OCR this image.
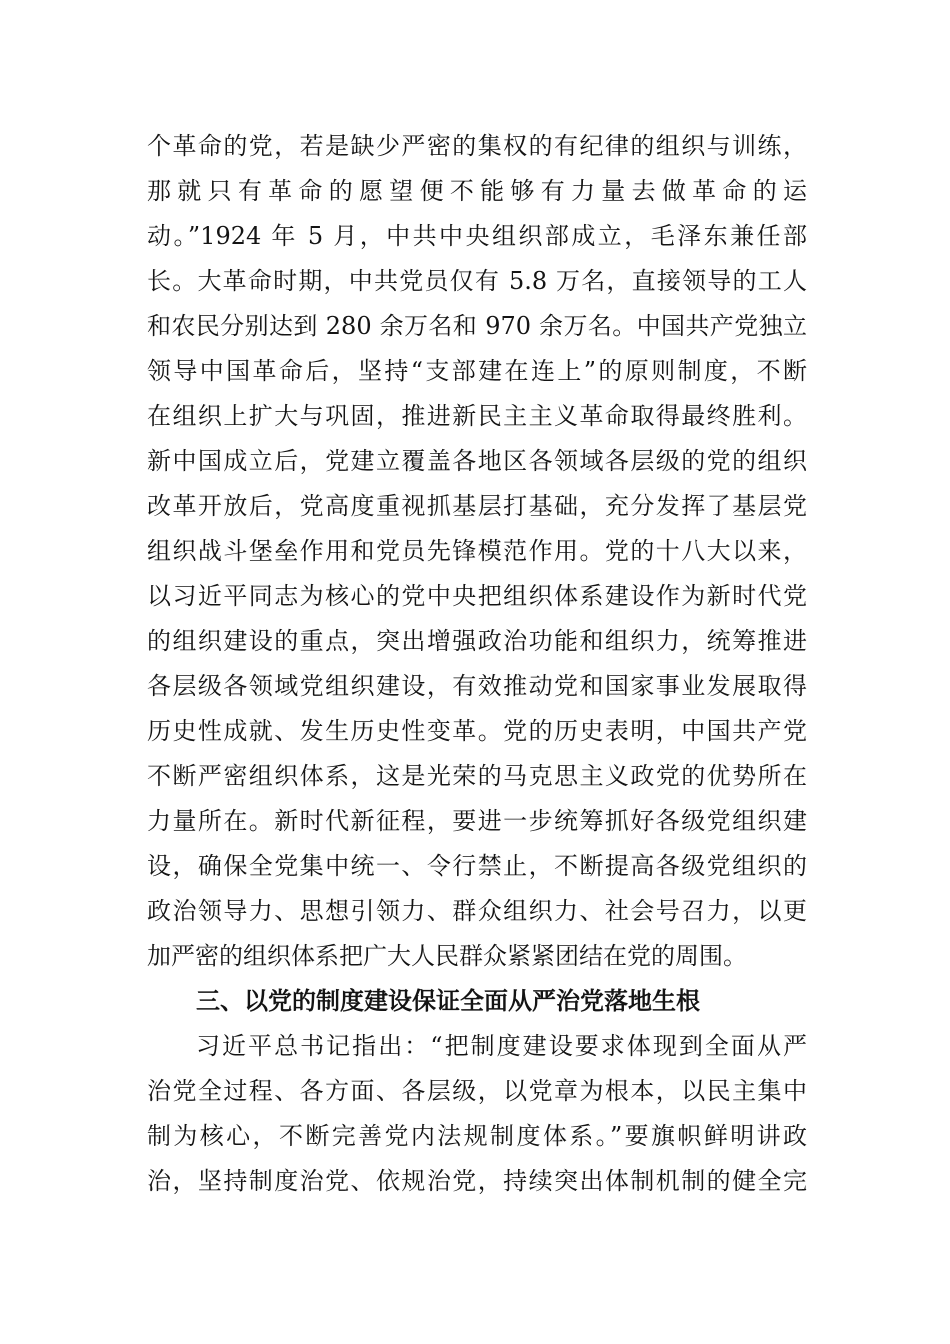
个革命的党，若是缺少严密的集权的有纪律的组织与训练，
那就只有革命的愿望便不能够有力量去做革命的运
动。”1924 年 5 月，中共中央组织部成立，毛泽东兼任部
长。大革命时期，中共党员仅有 5.8 万名，直接领导的工人
和农民分别达到 280 余万名和 970 余万名。中国共产党独立
领导中国革命后，坚持“支部建在连上”的原则制度，不断
在组织上扩大与巩固，推进新民主主义革命取得最终胜利。
新中国成立后，党建立覆盖各地区各领域各层级的党的组织
改革开放后，党高度重视抓基层打基础，充分发挥了基层党
组织战斗堡垒作用和党员先锋模范作用。党的十八大以来，
以习近平同志为核心的党中央把组织体系建设作为新时代党
的组织建设的重点，突出增强政治功能和组织力，统筹推进
各层级各领域党组织建设，有效推动党和国家事业发展取得
历史性成就、发生历史性变革。党的历史表明，中国共产党
不断严密组织体系，这是光荣的马克思主义政党的优势所在
力量所在。新时代新征程，要进一步统筹抓好各级党组织建
设，确保全党集中统一、令行禁止，不断提高各级党组织的
政治领导力、思想引领力、群众组织力、社会号召力，以更
加严密的组织体系把广大人民群众紧紧团结在党的周围。
三、以党的制度建设保证全面从严治党落地生根
习近平总书记指出：“把制度建设要求体现到全面从严
治党全过程、各方面、各层级，以党章为根本，以民主集中
制为核心，不断完善党内法规制度体系。”要旗帜鲜明讲政
治，坚持制度治党、依规治党，持续突出体制机制的健全完
